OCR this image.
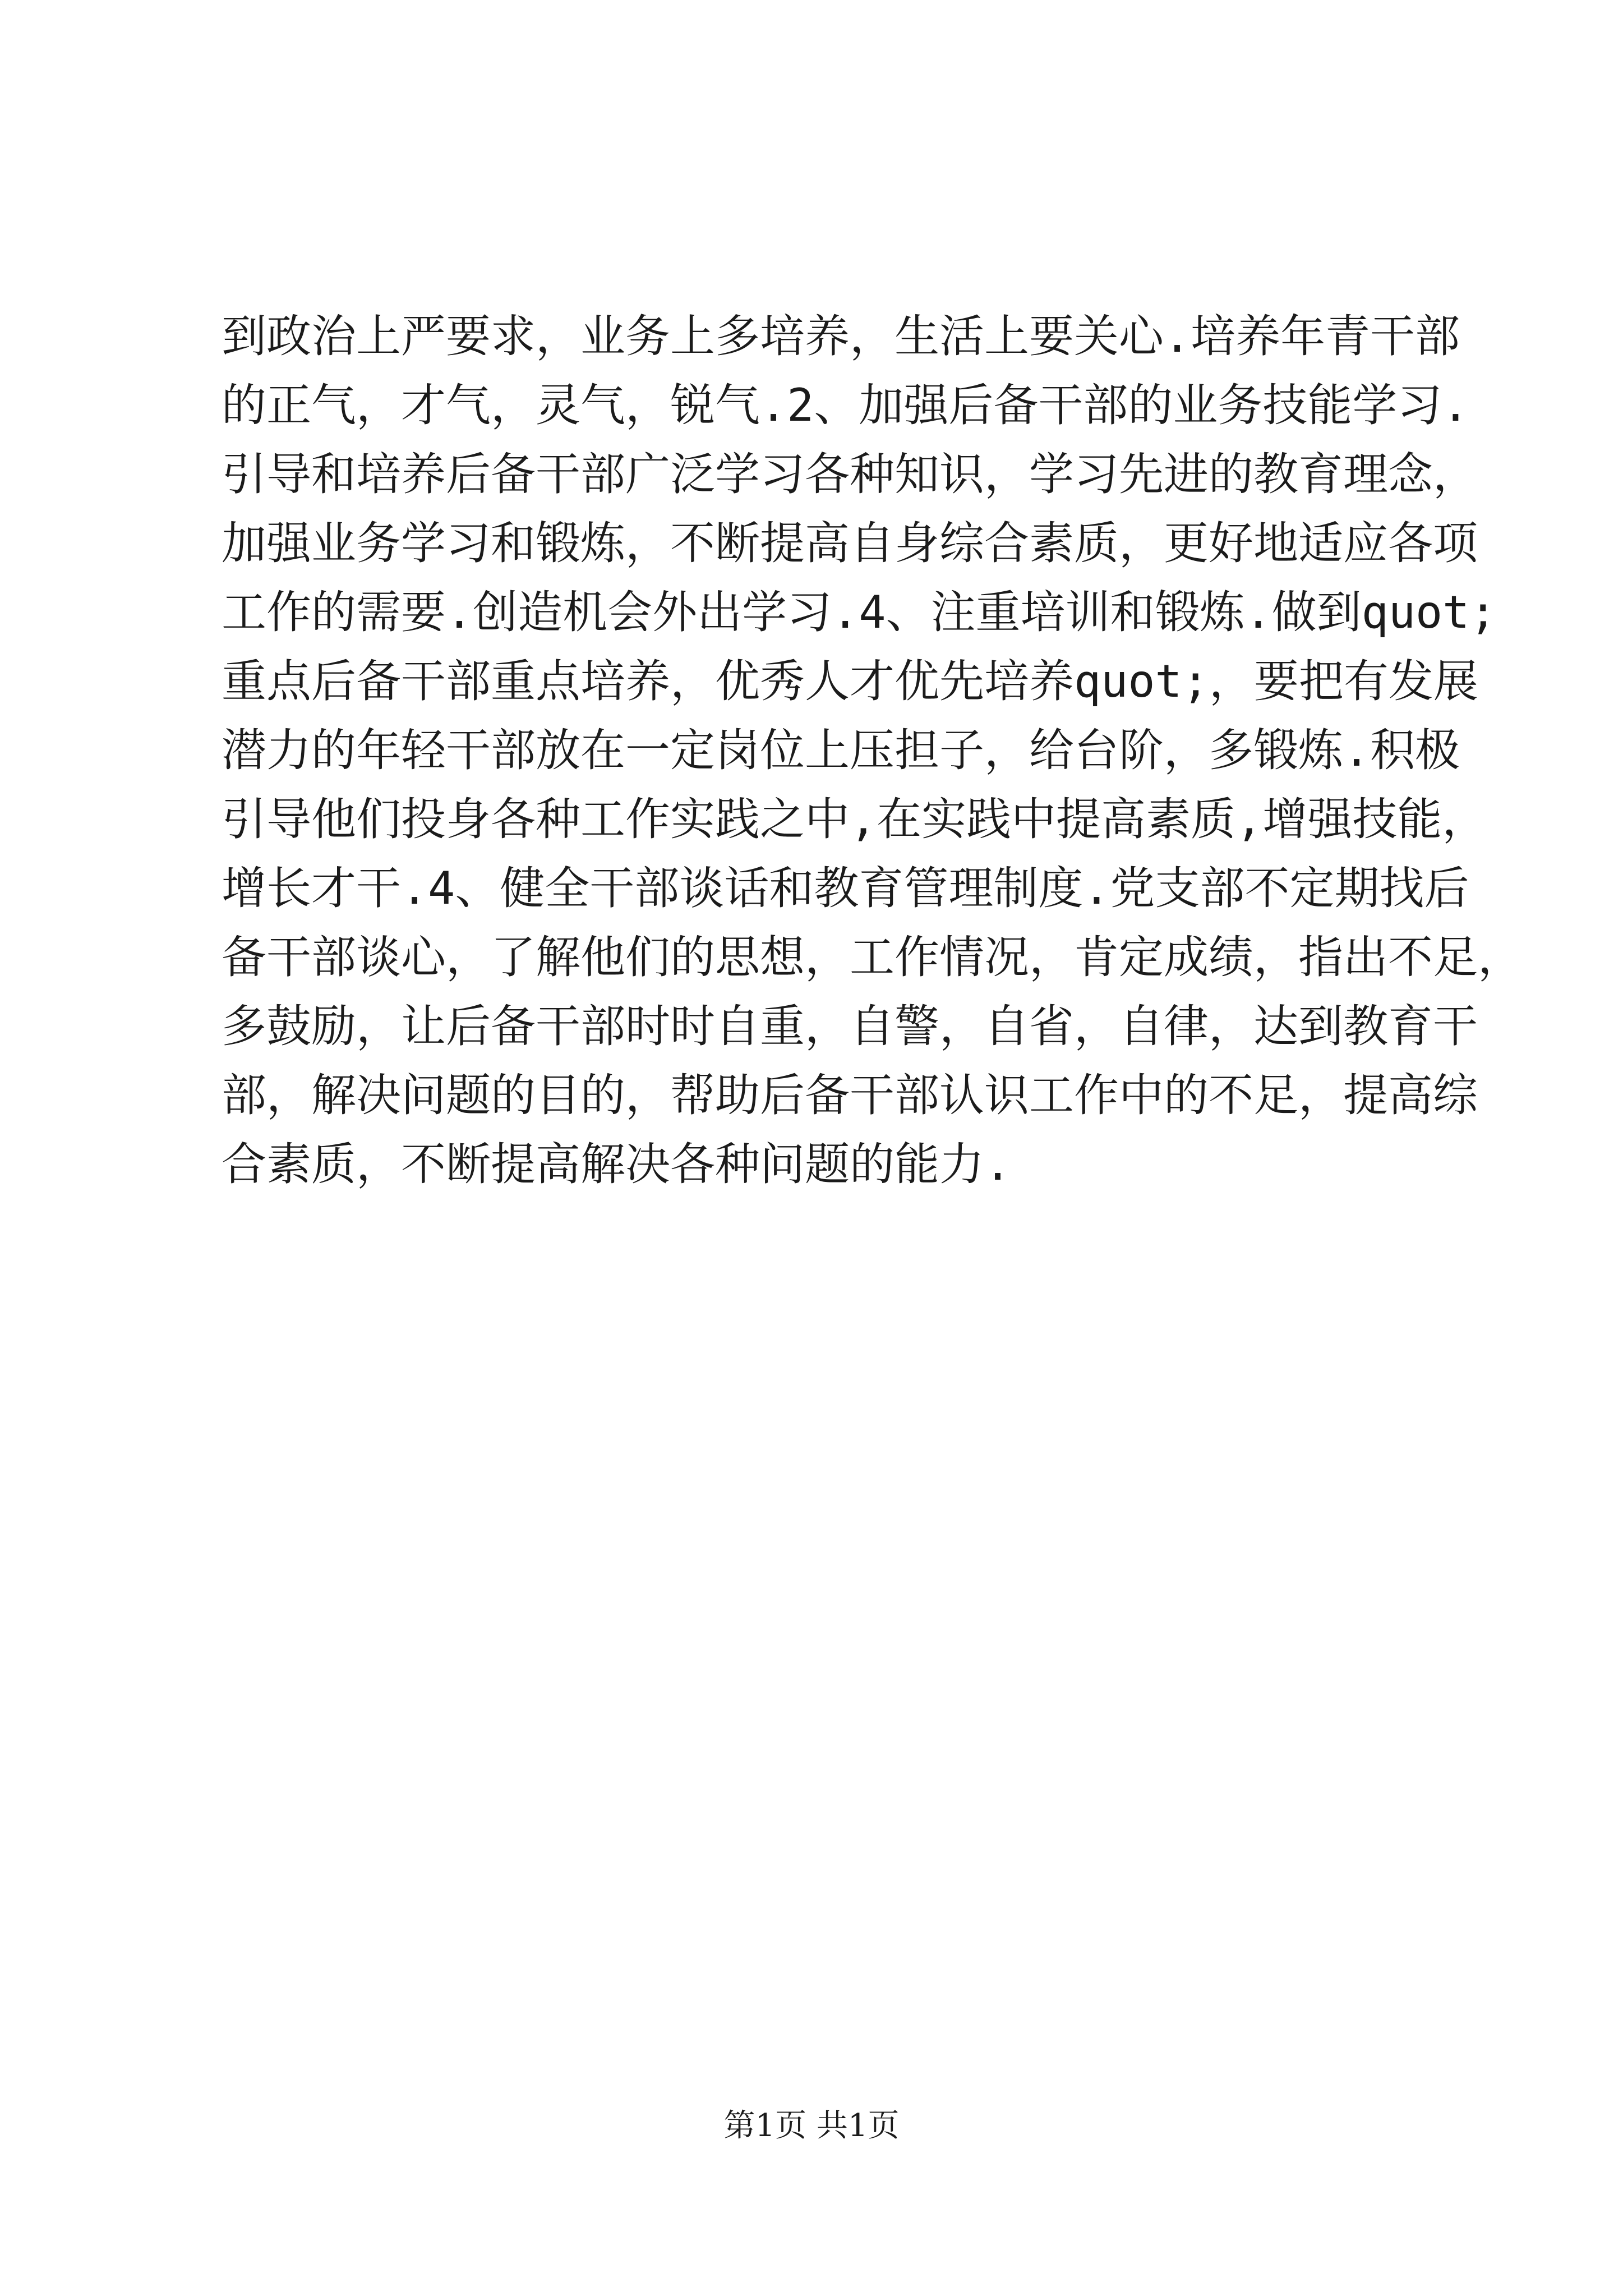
到政治上严要求，业务上多培养，生活上要关心.培养年青干部
的正气，才气，灵气，锐气.2、加强后备干部的业务技能学习.
引导和培养后备干部广泛学习各种知识，学习先进的教育理念，
加强业务学习和锻炼，不断提高自身综合素质，更好地适应各项
工作的需要.创造机会外出学习.4、注重培训和锻炼.做到quot;
重点后备干部重点培养，优秀人才优先培养quot;，要把有发展
潜力的年轻干部放在一定岗位上压担子，给台阶，多锻炼.积极
引导他们投身各种工作实践之中,在实践中提高素质,增强技能，
增长才干.4、健全干部谈话和教育管理制度.党支部不定期找后
备干部谈心，了解他们的思想，工作情况，肯定成绩，指出不足，
多鼓励，让后备干部时时自重，自警，自省，自律，达到教育干
部，解决问题的目的，帮助后备干部认识工作中的不足，提高综
合素质，不断提高解决各种问题的能力.
第1页 共1页
